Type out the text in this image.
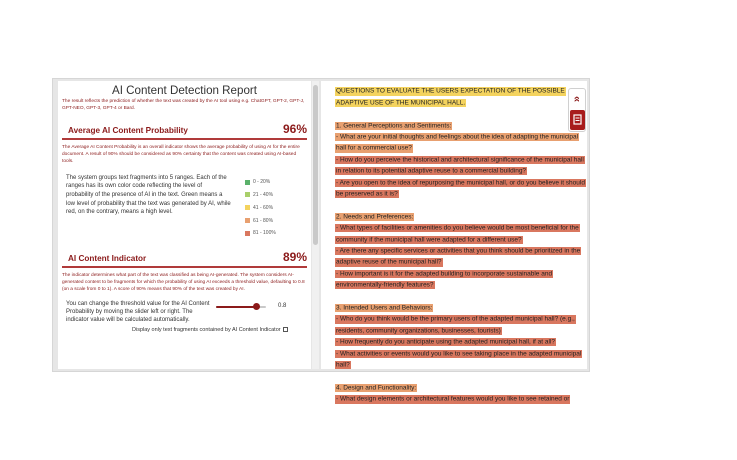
AI Content Detection Report
The result reflects the prediction of whether the text was created by the AI tool using e.g. ChatGPT, GPT-2, GPT-J, GPT-NEO, GPT-3, GPT-4 or Bard.
Average AI Content Probability	96%
The Average AI Content Probability is an overall indicator shows the average probability of using AI for the entire document. A result of 90% should be considered as 90% certainty that the content was created using AI-based tools.
The system groups text fragments into 5 ranges. Each of the ranges has its own color code reflecting the level of probability of the presence of AI in the text. Green means a low level of probability that the text was generated by AI, while red, on the contrary, means a high level.
0 - 20%
21 - 40%
41 - 60%
61 - 80%
81 - 100%
AI Content Indicator	89%
The indicator determines what part of the text was classified as being AI-generated. The system considers AI-generated content to be fragments for which the probability of using AI exceeds a threshold value, defaulting to 0.8 (on a scale from 0 to 1). A score of 90% means that 90% of the text was created by AI.
You can change the threshold value for the AI Content Probability by moving the slider left or right. The indicator value will be calculated automatically.
0.8
Display only text fragments contained by AI Content Indicator
QUESTIONS TO EVALUATE THE USERS EXPECTATION OF THE POSSIBLE ADAPTIVE USE OF THE MUNICIPAL HALL.
1. General Perceptions and Sentiments:
- What are your initial thoughts and feelings about the idea of adapting the municipal hall for a commercial use?
- How do you perceive the historical and architectural significance of the municipal hall in relation to its potential adaptive reuse to a commercial building?
- Are you open to the idea of repurposing the municipal hall, or do you believe it should be preserved as it is?
2. Needs and Preferences:
- What types of facilities or amenities do you believe would be most beneficial for the community if the municipal hall were adapted for a different use?
- Are there any specific services or activities that you think should be prioritized in the adaptive reuse of the municipal hall?
- How important is it for the adapted building to incorporate sustainable and environmentally-friendly features?
3. Intended Users and Behaviors:
- Who do you think would be the primary users of the adapted municipal hall? (e.g., residents, community organizations, businesses, tourists)
- How frequently do you anticipate using the adapted municipal hall, if at all?
- What activities or events would you like to see taking place in the adapted municipal hall?
4. Design and Functionality:
- What design elements or architectural features would you like to see retained or
»
